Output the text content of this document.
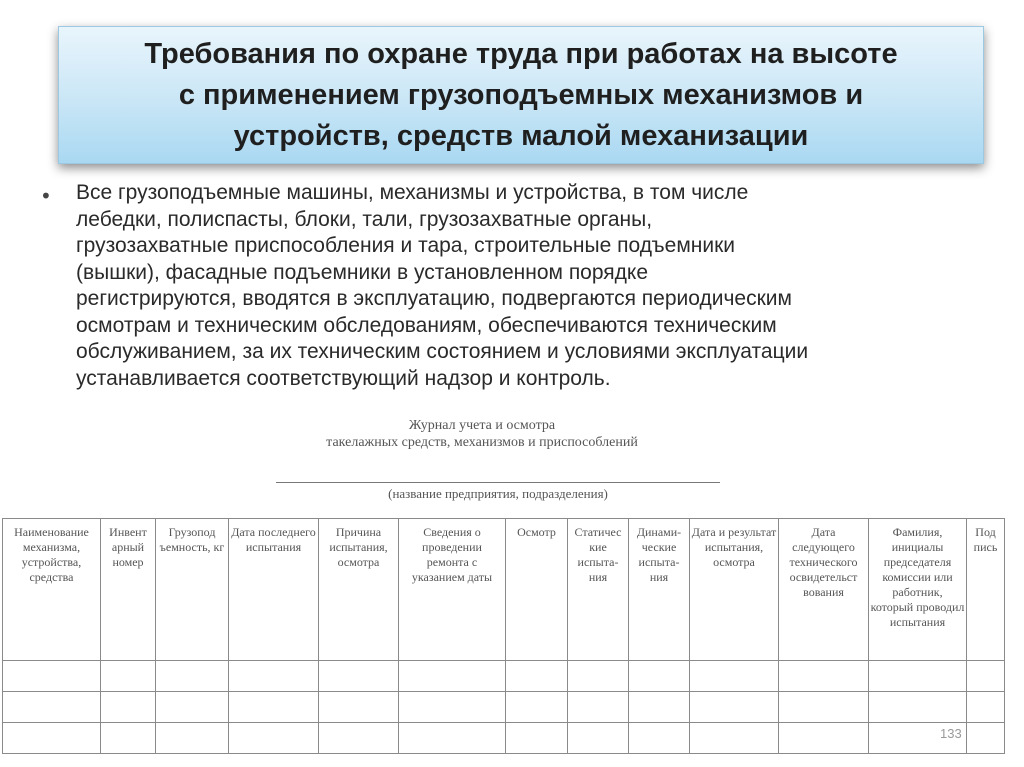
Требования по охране труда при работах на высоте
с применением грузоподъемных механизмов и
устройств, средств малой механизации
• Все грузоподъемные машины, механизмы и устройства, в том числе
лебедки, полиспасты, блоки, тали, грузозахватные органы,
грузозахватные приспособления и тара, строительные подъемники
(вышки), фасадные подъемники в установленном порядке
регистрируются, вводятся в эксплуатацию, подвергаются периодическим
осмотрам и техническим обследованиям, обеспечиваются техническим
обслуживанием, за их техническим состоянием и условиями эксплуатации
устанавливается соответствующий надзор и контроль.
Журнал учета и осмотра
такелажных средств, механизмов и приспособлений
(название предприятия, подразделения)
Наименование механизма, устройства, средства	Инвент арный номер	Грузопод ъемность, кг	Дата последнего испытания	Причина испытания, осмотра	Сведения о проведении ремонта с указанием даты	Осмотр	Статичес кие испыта-ния	Динами-ческие испыта-ния	Дата и результат испытания, осмотра	Дата следующего технического освидетельст вования	Фамилия, инициалы председателя комиссии или работник, который проводил испытания	Под пись

133
